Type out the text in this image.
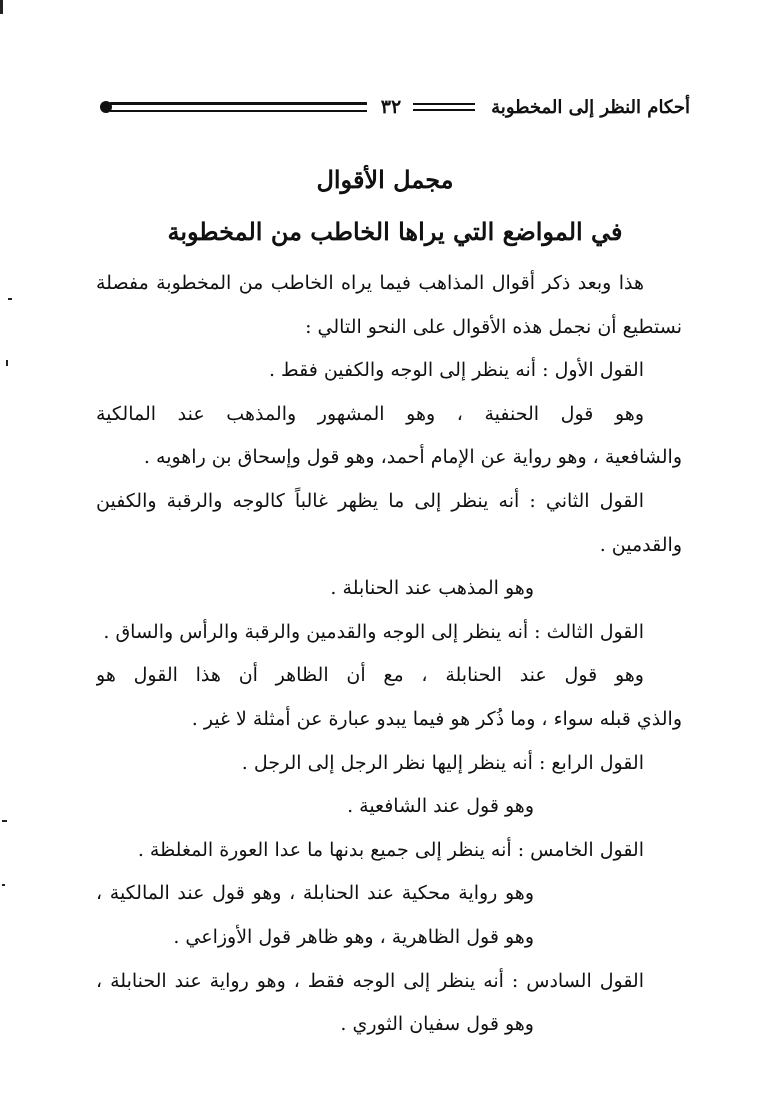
أحكام النظر إلى المخطوبة
٣٢
مجمل الأقوال
في المواضع التي يراها الخاطب من المخطوبة
هذا وبعد ذكر أقوال المذاهب فيما يراه الخاطب من المخطوبة مفصلة
نستطيع أن نجمل هذه الأقوال على النحو التالي :
القول الأول : أنه ينظر إلى الوجه والكفين فقط .
وهو قول الحنفية ، وهو المشهور والمذهب عند المالكية
والشافعية ، وهو رواية عن الإمام أحمد، وهو قول وإسحاق بن راهويه .
القول الثاني : أنه ينظر إلى ما يظهر غالباً كالوجه والرقبة والكفين
والقدمين .
وهو المذهب عند الحنابلة .
القول الثالث : أنه ينظر إلى الوجه والقدمين والرقبة والرأس والساق .
وهو قول عند الحنابلة ، مع أن الظاهر أن هذا القول هو
والذي قبله سواء ، وما ذُكر هو فيما يبدو عبارة عن أمثلة لا غير .
القول الرابع : أنه ينظر إليها نظر الرجل إلى الرجل .
وهو قول عند الشافعية .
القول الخامس : أنه ينظر إلى جميع بدنها ما عدا العورة المغلظة .
وهو رواية محكية عند الحنابلة ، وهو قول عند المالكية ،
وهو قول الظاهرية ، وهو ظاهر قول الأوزاعي .
القول السادس : أنه ينظر إلى الوجه فقط ، وهو رواية عند الحنابلة ،
وهو قول سفيان الثوري .
